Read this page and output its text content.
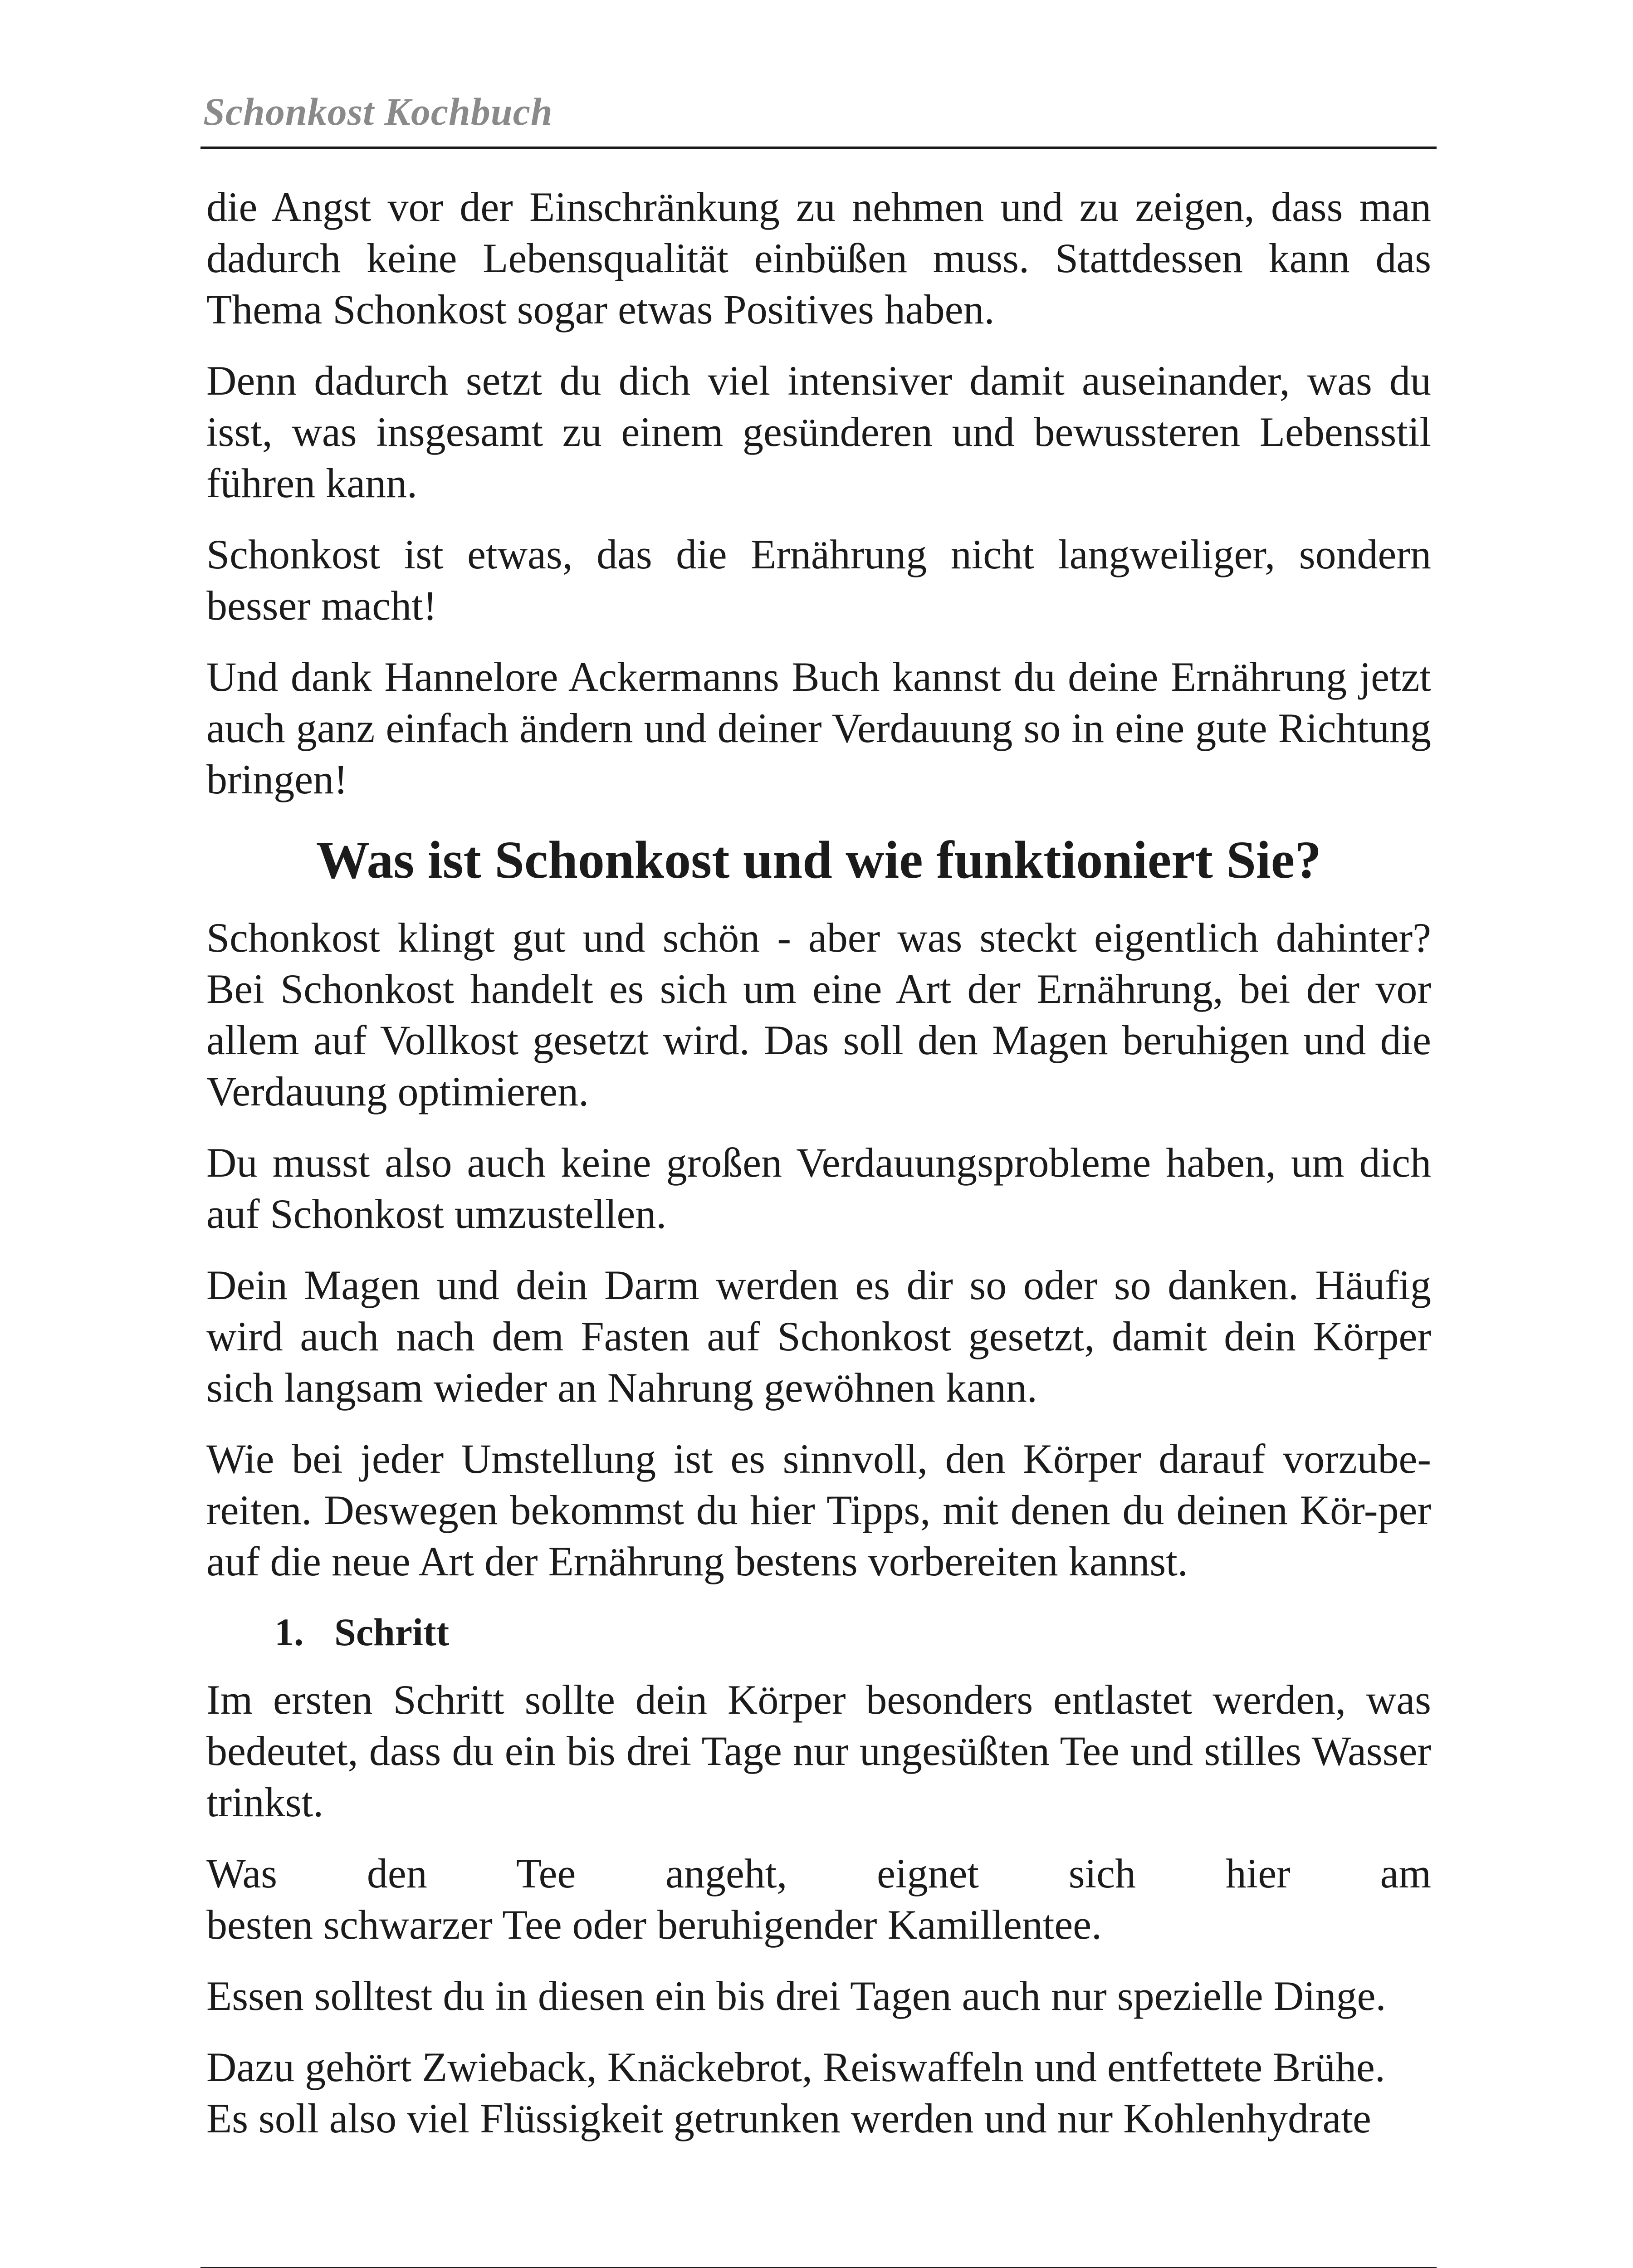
Schonkost Kochbuch

die Angst vor der Einschränkung zu nehmen und zu zeigen, dass man dadurch keine Lebensqualität einbüßen muss. Stattdessen kann das Thema Schonkost sogar etwas Positives haben.

Denn dadurch setzt du dich viel intensiver damit auseinander, was du isst, was insgesamt zu einem gesünderen und bewussteren Lebensstil führen kann.

Schonkost ist etwas, das die Ernährung nicht langweiliger, sondern besser macht!

Und dank Hannelore Ackermanns Buch kannst du deine Ernährung jetzt auch ganz einfach ändern und deiner Verdauung so in eine gute Richtung bringen!

Was ist Schonkost und wie funktioniert Sie?

Schonkost klingt gut und schön - aber was steckt eigentlich dahinter? Bei Schonkost handelt es sich um eine Art der Ernährung, bei der vor allem auf Vollkost gesetzt wird. Das soll den Magen beruhigen und die Verdauung optimieren.

Du musst also auch keine großen Verdauungsprobleme haben, um dich auf Schonkost umzustellen.

Dein Magen und dein Darm werden es dir so oder so danken. Häufig wird auch nach dem Fasten auf Schonkost gesetzt, damit dein Körper sich langsam wieder an Nahrung gewöhnen kann.

Wie bei jeder Umstellung ist es sinnvoll, den Körper darauf vorzube-reiten. Deswegen bekommst du hier Tipps, mit denen du deinen Kör-per auf die neue Art der Ernährung bestens vorbereiten kannst.

1. Schritt

Im ersten Schritt sollte dein Körper besonders entlastet werden, was bedeutet, dass du ein bis drei Tage nur ungesüßten Tee und stilles Wasser trinkst.

Was den Tee angeht, eignet sich hier am

besten schwarzer Tee oder beruhigender Kamillentee.

Essen solltest du in diesen ein bis drei Tagen auch nur spezielle Dinge.

Dazu gehört Zwieback, Knäckebrot, Reiswaffeln und entfettete Brühe.

Es soll also viel Flüssigkeit getrunken werden und nur Kohlenhydrate
